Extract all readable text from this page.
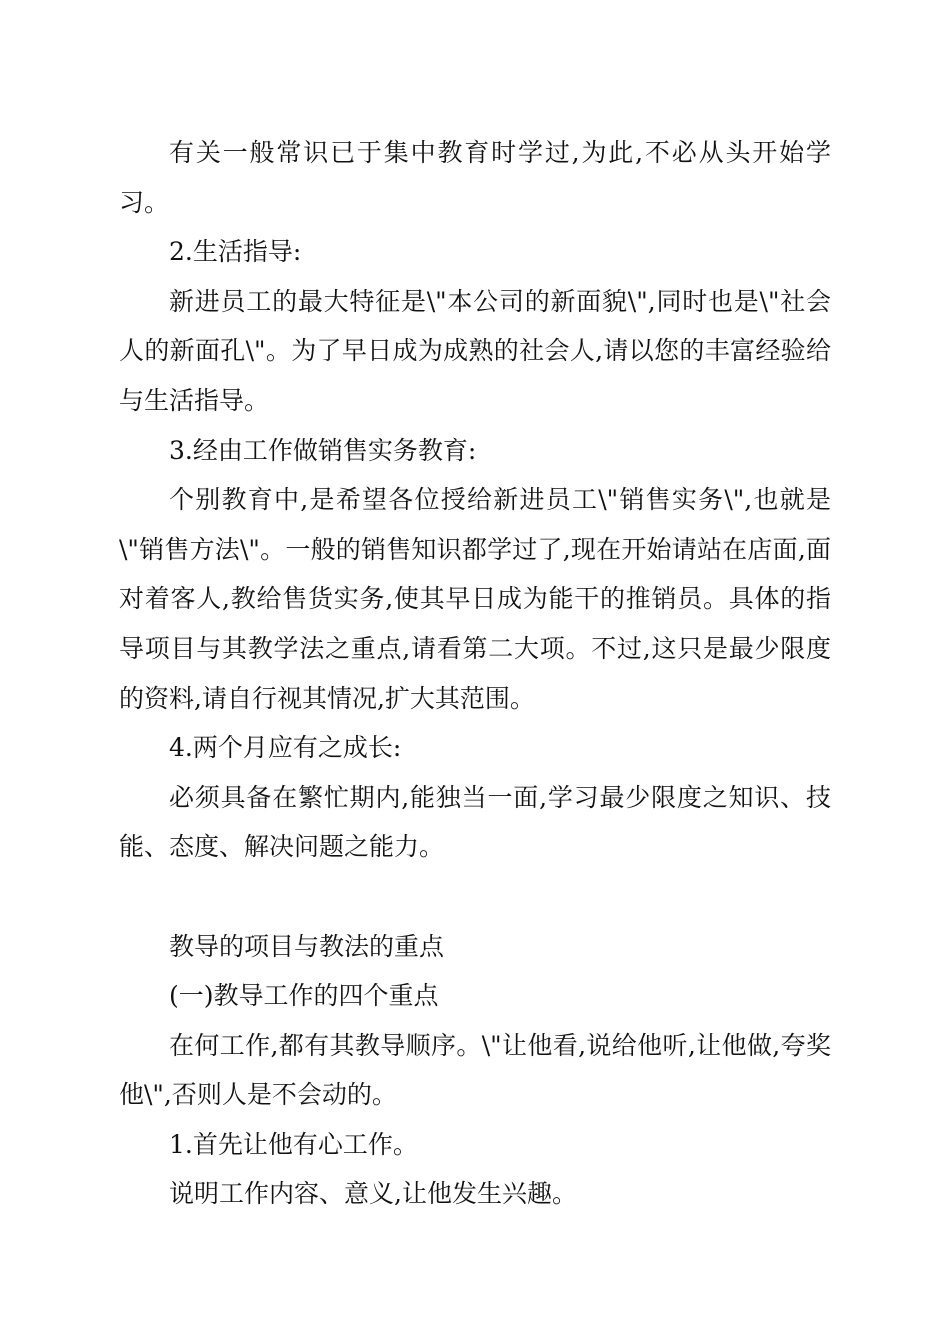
有关一般常识已于集中教育时学过,为此,不必从头开始学习。

2.生活指导:

新进员工的最大特征是\"本公司的新面貌\",同时也是\"社会人的新面孔\"。为了早日成为成熟的社会人,请以您的丰富经验给与生活指导。

3.经由工作做销售实务教育:

个别教育中,是希望各位授给新进员工\"销售实务\",也就是\"销售方法\"。一般的销售知识都学过了,现在开始请站在店面,面对着客人,教给售货实务,使其早日成为能干的推销员。具体的指导项目与其教学法之重点,请看第二大项。不过,这只是最少限度的资料,请自行视其情况,扩大其范围。

4.两个月应有之成长:

必须具备在繁忙期内,能独当一面,学习最少限度之知识、技能、态度、解决问题之能力。

教导的项目与教法的重点

(一)教导工作的四个重点

在何工作,都有其教导顺序。\"让他看,说给他听,让他做,夸奖他\",否则人是不会动的。

1.首先让他有心工作。

说明工作内容、意义,让他发生兴趣。
